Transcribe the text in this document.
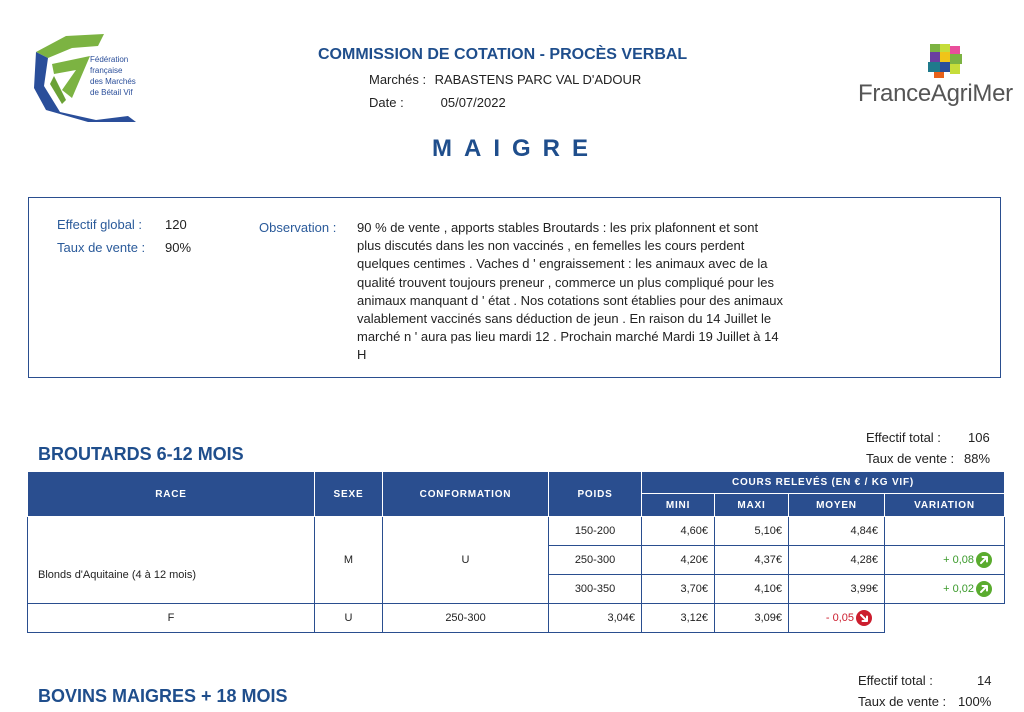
Fédération française des Marchés de Bétail Vif	FranceAgriMer
COMMISSION DE COTATION - PROCÈS VERBAL
Marchés : RABASTENS PARC VAL D'ADOUR
Date :	05/07/2022
MAIGRE
Effectif global : 120
Taux de vente : 90%
Observation : 90 % de vente , apports stables Broutards : les prix plafonnent et sont plus discutés dans les non vaccinés , en femelles les cours perdent quelques centimes . Vaches d ' engraissement : les animaux avec de la qualité trouvent toujours preneur , commerce un plus compliqué pour les animaux manquant d ' état . Nos cotations sont établies pour des animaux valablement vaccinés sans déduction de jeun . En raison du 14 Juillet le marché n ' aura pas lieu mardi 12 . Prochain marché Mardi 19 Juillet à 14 H
BROUTARDS 6-12 MOIS
Effectif total : 106
Taux de vente : 88%
RACE	SEXE	CONFORMATION	POIDS	COURS RELEVÉS (EN € / KG VIF)			
				MINI	MAXI	MOYEN	VARIATION
Blonds d'Aquitaine (4 à 12 mois)	M	U	150-200	4,60€	5,10€	4,84€	
			250-300	4,20€	4,37€	4,28€	+ 0,08

			300-350	3,70€	4,10€	3,99€	+ 0,02

F	U	250-300	3,04€	3,12€	3,09€	- 0,05	
BOVINS MAIGRES + 18 MOIS
Effectif total :	14
Taux de vente : 100%
